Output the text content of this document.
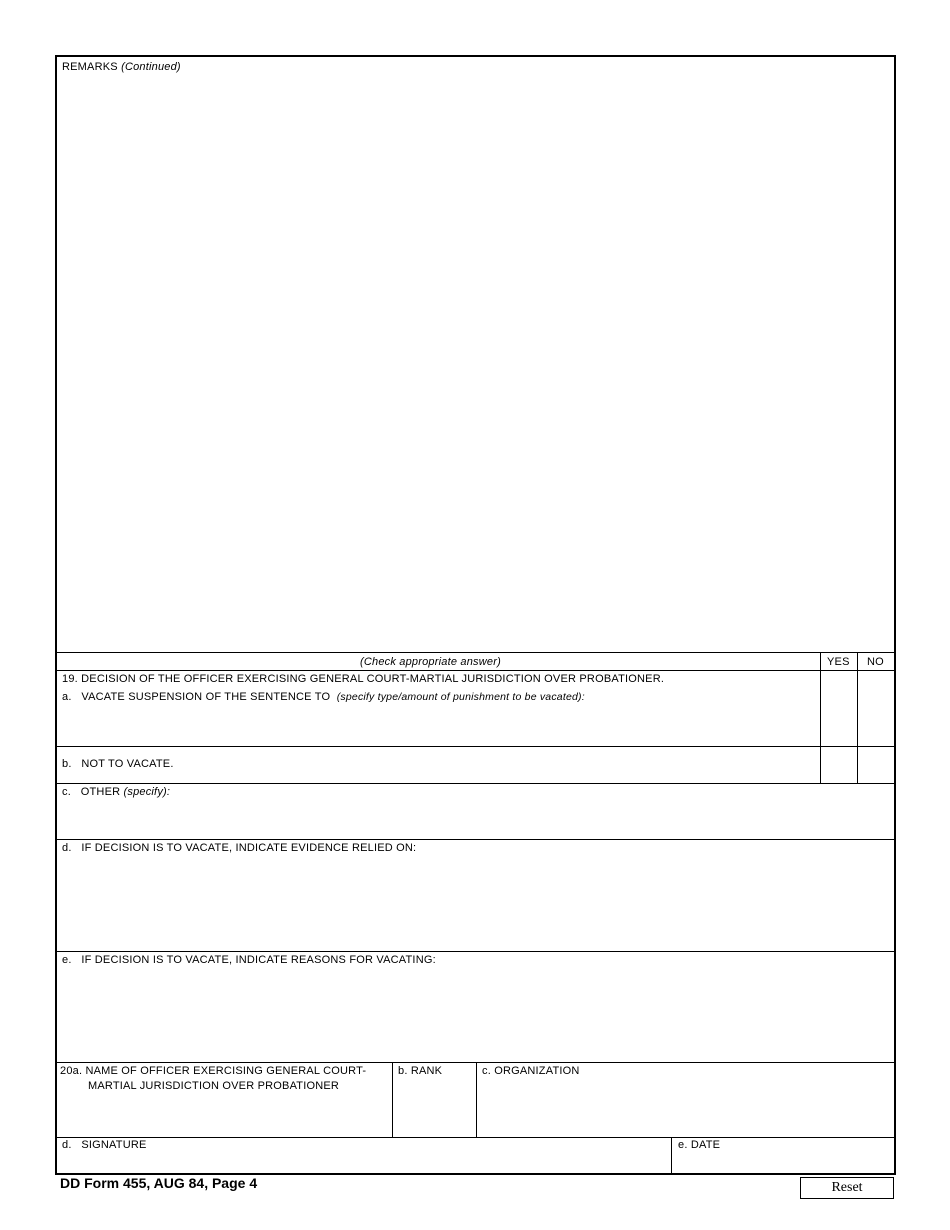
REMARKS (Continued)
(Check appropriate answer)	YES NO
19. DECISION OF THE OFFICER EXERCISING GENERAL COURT-MARTIAL JURISDICTION OVER PROBATIONER.
a. VACATE SUSPENSION OF THE SENTENCE TO (specify type/amount of punishment to be vacated):
b. NOT TO VACATE.
c. OTHER (specify):
d. IF DECISION IS TO VACATE, INDICATE EVIDENCE RELIED ON:
e. IF DECISION IS TO VACATE, INDICATE REASONS FOR VACATING:
20a. NAME OF OFFICER EXERCISING GENERAL COURT-
MARTIAL JURISDICTION OVER PROBATIONER
b. RANK	c. ORGANIZATION
d. SIGNATURE	e. DATE
DD Form 455, AUG 84, Page 4	Reset
